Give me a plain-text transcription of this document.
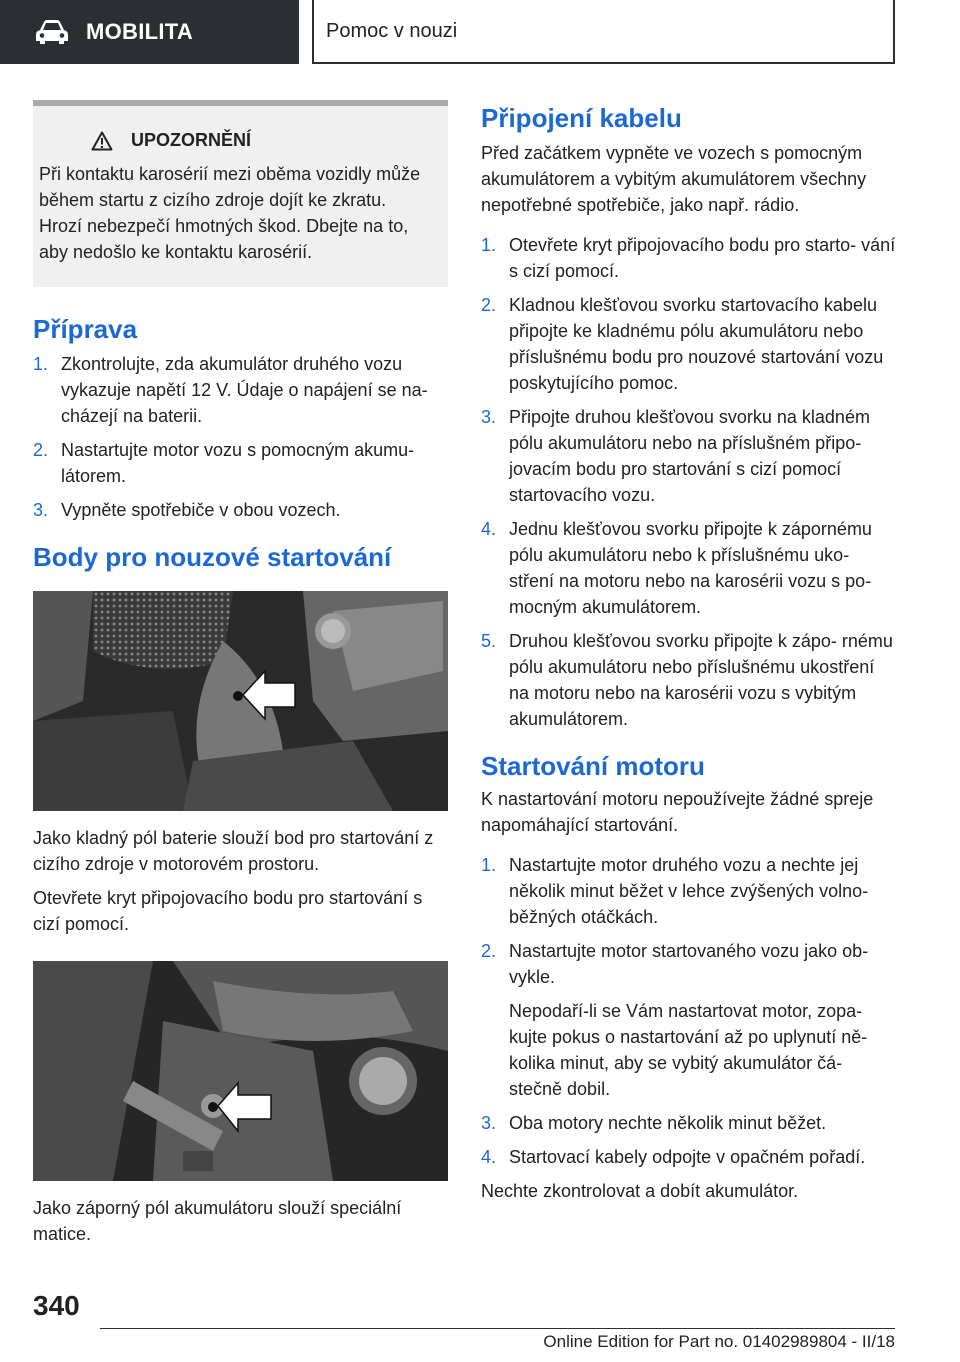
MOBILITA	Pomoc v nouzi
UPOZORNĚNÍ

Při kontaktu karosérií mezi oběma vozidly může během startu z cizího zdroje dojít ke zkratu. Hrozí nebezpečí hmotných škod. Dbejte na to, aby nedošlo ke kontaktu karosérií.

Příprava
1. Zkontrolujte, zda akumulátor druhého vozu vykazuje napětí 12 V. Údaje o napájení se na‐ cházejí na baterii.
2. Nastartujte motor vozu s pomocným akumu‐ látorem.
3. Vypněte spotřebiče v obou vozech.
Body pro nouzové startování

Jako kladný pól baterie slouží bod pro startování z cizího zdroje v motorovém prostoru.

Otevřete kryt připojovacího bodu pro startování s cizí pomocí.

Jako záporný pól akumulátoru slouží speciální matice.

Připojení kabelu

Před začátkem vypněte ve vozech s pomocným akumulátorem a vybitým akumulátorem všechny nepotřebné spotřebiče, jako např. rádio.

1. Otevřete kryt připojovacího bodu pro starto‐ vání s cizí pomocí.
2. Kladnou klešťovou svorku startovacího kabelu připojte ke kladnému pólu akumulátoru nebo příslušnému bodu pro nouzové startování vozu poskytujícího pomoc.
3. Připojte druhou klešťovou svorku na kladném pólu akumulátoru nebo na příslušném připo‐ jovacím bodu pro startování s cizí pomocí startovacího vozu.
4. Jednu klešťovou svorku připojte k zápornému pólu akumulátoru nebo k příslušnému uko‐ stření na motoru nebo na karosérii vozu s po‐ mocným akumulátorem.
5. Druhou klešťovou svorku připojte k zápo‐ rnému pólu akumulátoru nebo příslušnému ukostření na motoru nebo na karosérii vozu s vybitým akumulátorem.
Startování motoru

K nastartování motoru nepoužívejte žádné spreje napomáhající startování.

1. Nastartujte motor druhého vozu a nechte jej několik minut běžet v lehce zvýšených volno‐ běžných otáčkách.
2. Nastartujte motor startovaného vozu jako ob‐ vykle.

Nepodaří-li se Vám nastartovat motor, zopa‐ kujte pokus o nastartování až po uplynutí ně‐ kolika minut, aby se vybitý akumulátor čá‐ stečně dobil.

3. Oba motory nechte několik minut běžet.
4. Startovací kabely odpojte v opačném pořadí.

Nechte zkontrolovat a dobít akumulátor.

340
Online Edition for Part no. 01402989804 - II/18
